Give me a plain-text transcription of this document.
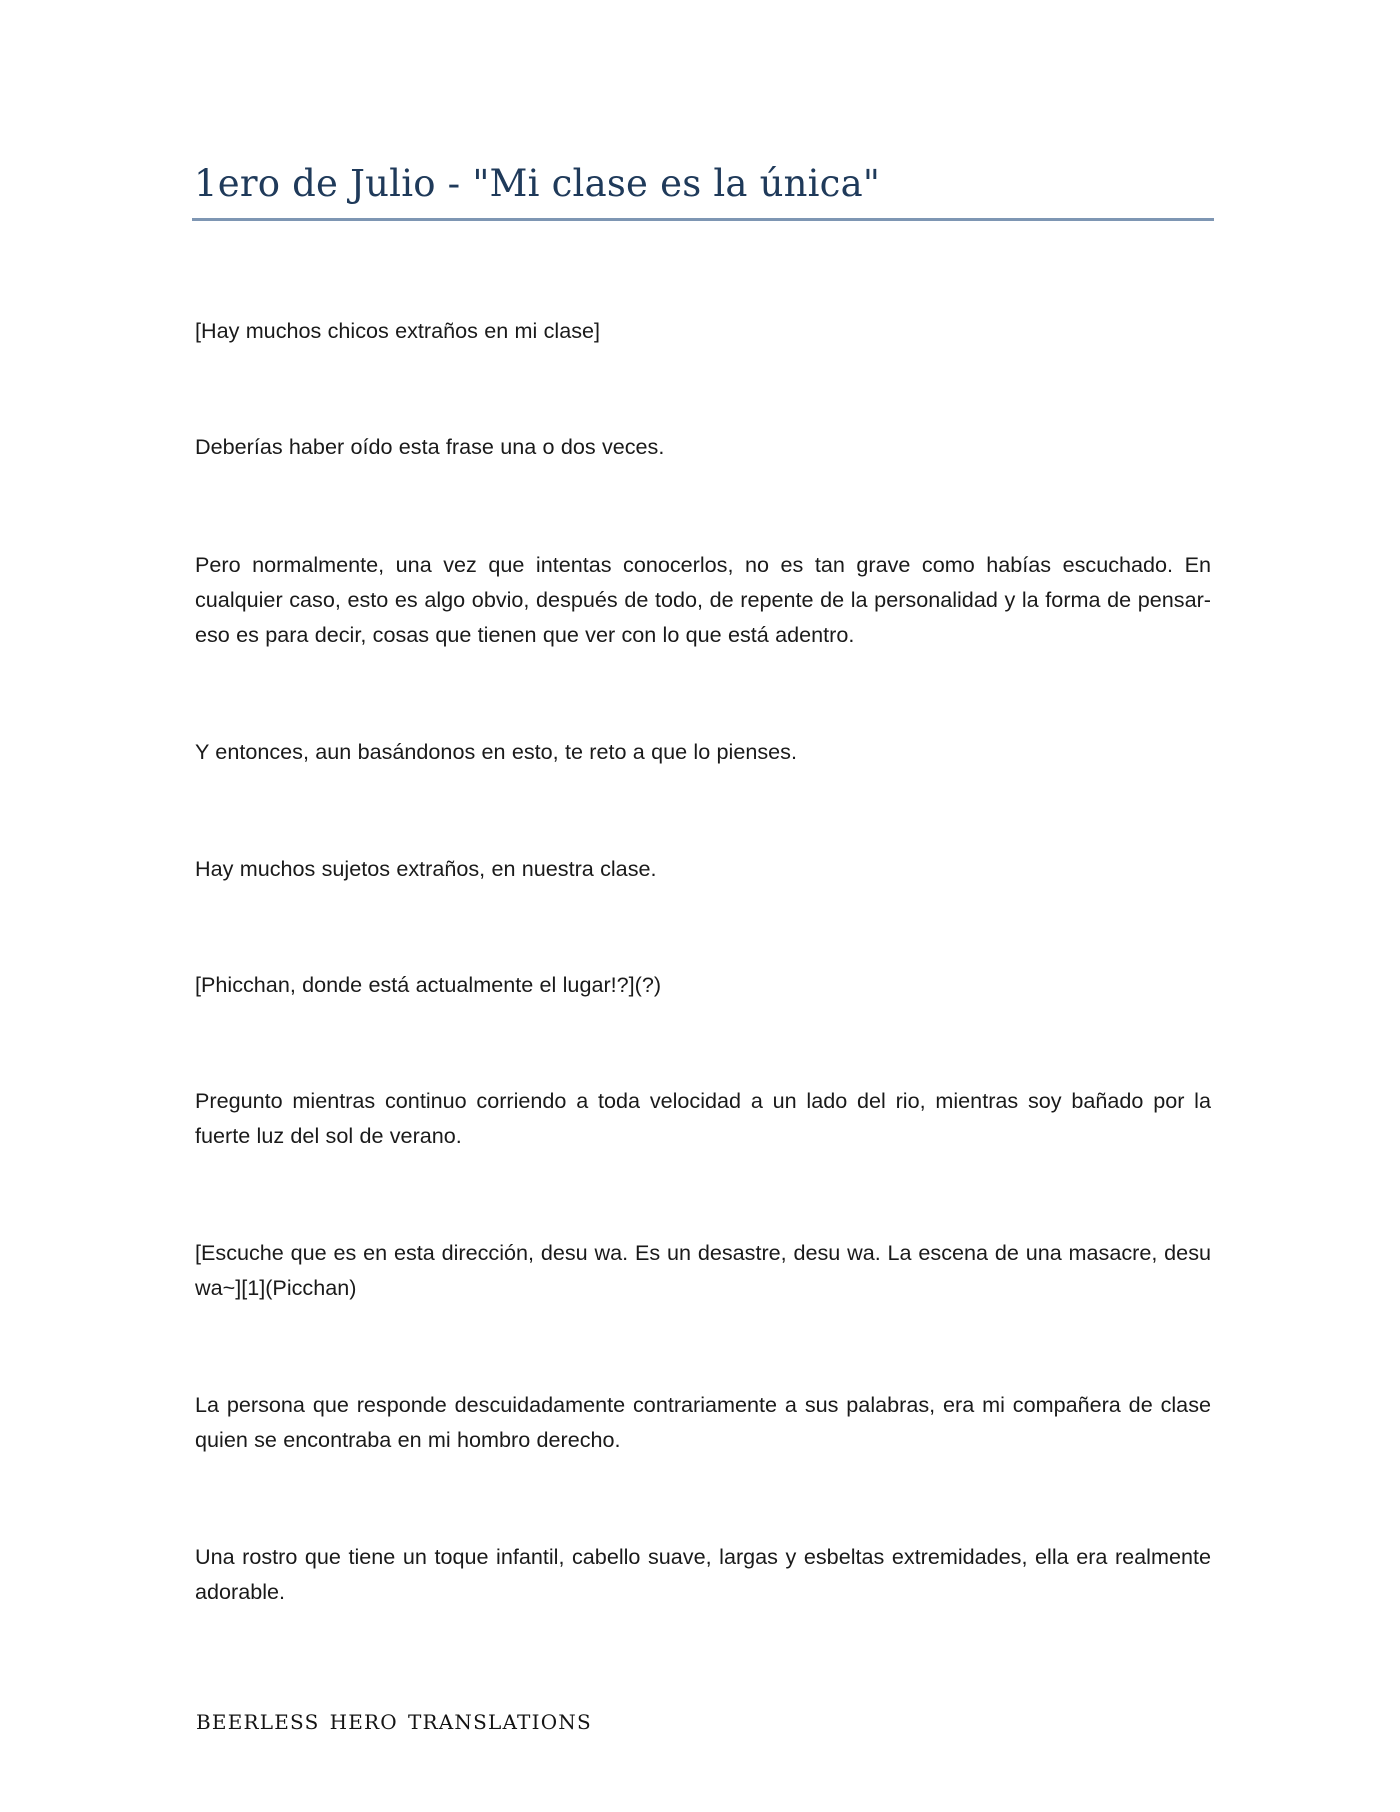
1ero de Julio - "Mi clase es la única"

[Hay muchos chicos extraños en mi clase]

Deberías haber oído esta frase una o dos veces.

Pero normalmente, una vez que intentas conocerlos, no es tan grave como habías escuchado. En cualquier caso, esto es algo obvio, después de todo, de repente de la personalidad y la forma de pensar- eso es para decir, cosas que tienen que ver con lo que está adentro.

Y entonces, aun basándonos en esto, te reto a que lo pienses.

Hay muchos sujetos extraños, en nuestra clase.

[Phicchan, donde está actualmente el lugar!?](?)

Pregunto mientras continuo corriendo a toda velocidad a un lado del rio, mientras soy bañado por la fuerte luz del sol de verano.

[Escuche que es en esta dirección, desu wa. Es un desastre, desu wa. La escena de una masacre, desu wa~][1](Picchan)

La persona que responde descuidadamente contrariamente a sus palabras, era mi compañera de clase quien se encontraba en mi hombro derecho.

Una rostro que tiene un toque infantil, cabello suave, largas y esbeltas extremidades, ella era realmente adorable.

beerless hero translations
